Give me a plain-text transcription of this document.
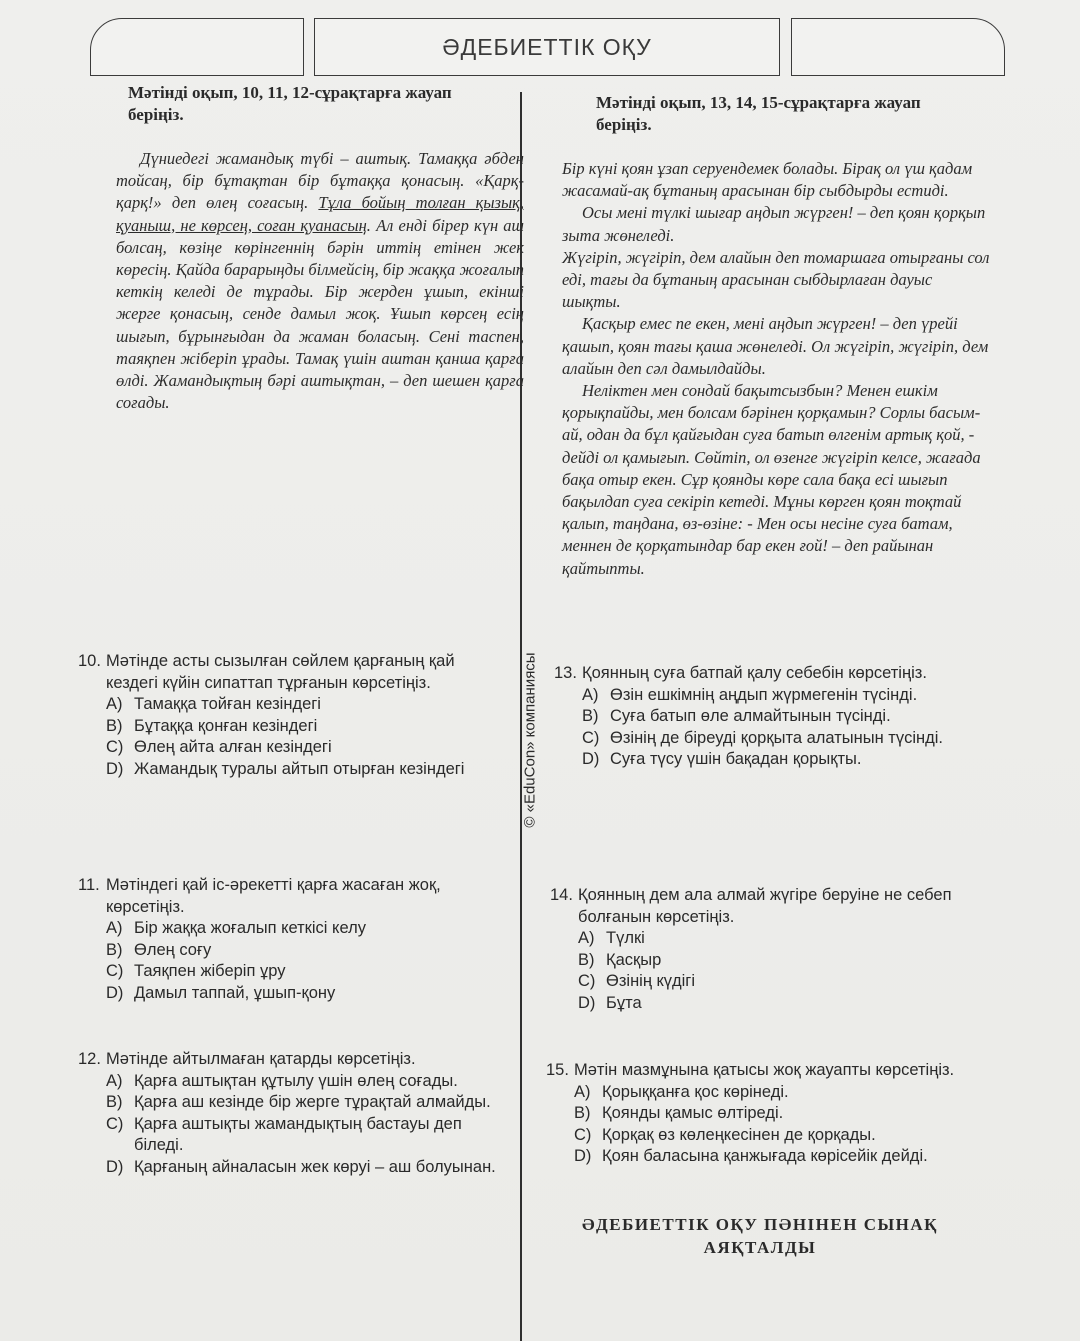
ӘДЕБИЕТТІК ОҚУ
© «EduCon» компаниясы
Мәтінді оқып, 10, 11, 12-сұрақтарға жауап беріңіз.

Дүниедегі жамандық түбі – аштық. Тамаққа әбден тойсаң, бір бұтақтан бір бұтаққа қонасың. «Қарқ-қарқ!» деп өлең соғасың. Тұла бойың толған қызық, қуаныш, не көрсең, соған қуанасың. Ал енді бірер күн аш болсаң, көзіңе көрінгеннің бәрін иттің етінен жек көресің. Қайда барарыңды білмейсің, бір жаққа жоғалып кеткің келеді де тұрады. Бір жерден ұшып, екінші жерге қонасың, сенде дамыл жоқ. Ұшып көрсең есің шығып, бұрынғыдан да жаман боласың. Сені таспен, таяқпен жіберіп ұрады. Тамақ үшін аштан қанша қарға өлді. Жамандықтың бәрі аштықтан, – деп шешен қарға соғады.

10. Мәтінде асты сызылған сөйлем қарғаның қай кездегі күйін сипаттап тұрғанын көрсетіңіз.
A) Тамаққа тойған кезіндегі
B) Бұтаққа қонған кезіндегі
C) Өлең айта алған кезіндегі
D) Жамандық туралы айтып отырған кезіндегі
11. Мәтіндегі қай іс-әрекетті қарға жасаған жоқ, көрсетіңіз.
A) Бір жаққа жоғалып кеткісі келу
B) Өлең соғу
C) Таяқпен жіберіп ұру
D) Дамыл таппай, ұшып-қону
12. Мәтінде айтылмаған қатарды көрсетіңіз.
A) Қарға аштықтан құтылу үшін өлең соғады.
B) Қарға аш кезінде бір жерге тұрақтай алмайды.
C) Қарға аштықты жамандықтың бастауы деп біледі.
D) Қарғаның айналасын жек көруі – аш болуынан.
Мәтінді оқып, 13, 14, 15-сұрақтарға жауап беріңіз.

Бір күні қоян ұзап серуендемек болады. Бірақ ол үш қадам жасамай-ақ бұтаның арасынан бір сыбдырды естиді.

Осы мені түлкі шығар аңдып жүрген! – деп қоян қорқып зыта жөнеледі.

Жүгіріп, жүгіріп, дем алайын деп томаршаға отырғаны сол еді, тағы да бұтаның арасынан сыбдырлаған дауыс шықты.

Қасқыр емес пе екен, мені аңдып жүрген! – деп үрейі қашып, қоян тағы қаша жөнеледі. Ол жүгіріп, жүгіріп, дем алайын деп сәл дамылдайды.

Неліктен мен сондай бақытсызбын? Менен ешкім қорықпайды, мен болсам бәрінен қорқамын? Сорлы басым-ай, одан да бұл қайғыдан суға батып өлгенім артық қой, - дейді ол қамығып. Сөйтіп, ол өзенге жүгіріп келсе, жағада бақа отыр екен. Сұр қоянды көре сала бақа есі шығып бақылдап суға секіріп кетеді. Мұны көрген қоян тоқтай қалып, таңдана, өз-өзіне: - Мен осы несіне суға батам, меннен де қорқатындар бар екен ғой! – деп райынан қайтыпты.

13. Қоянның суға батпай қалу себебін көрсетіңіз.
A) Өзін ешкімнің аңдып жүрмегенін түсінді.
B) Суға батып өле алмайтынын түсінді.
C) Өзінің де біреуді қорқыта алатынын түсінді.
D) Суға түсу үшін бақадан қорықты.
14. Қоянның дем ала алмай жүгіре беруіне не себеп болғанын көрсетіңіз.
A) Түлкі
B) Қасқыр
C) Өзінің күдігі
D) Бұта
15. Мәтін мазмұнына қатысы жоқ жауапты көрсетіңіз.
A) Қорыққанға қос көрінеді.
B) Қоянды қамыс өлтіреді.
C) Қорқақ өз көлеңкесінен де қорқады.
D) Қоян баласына қанжығада көрісейік дейді.
ӘДЕБИЕТТІК ОҚУ ПӘНІНЕН СЫНАҚ АЯҚТАЛДЫ
